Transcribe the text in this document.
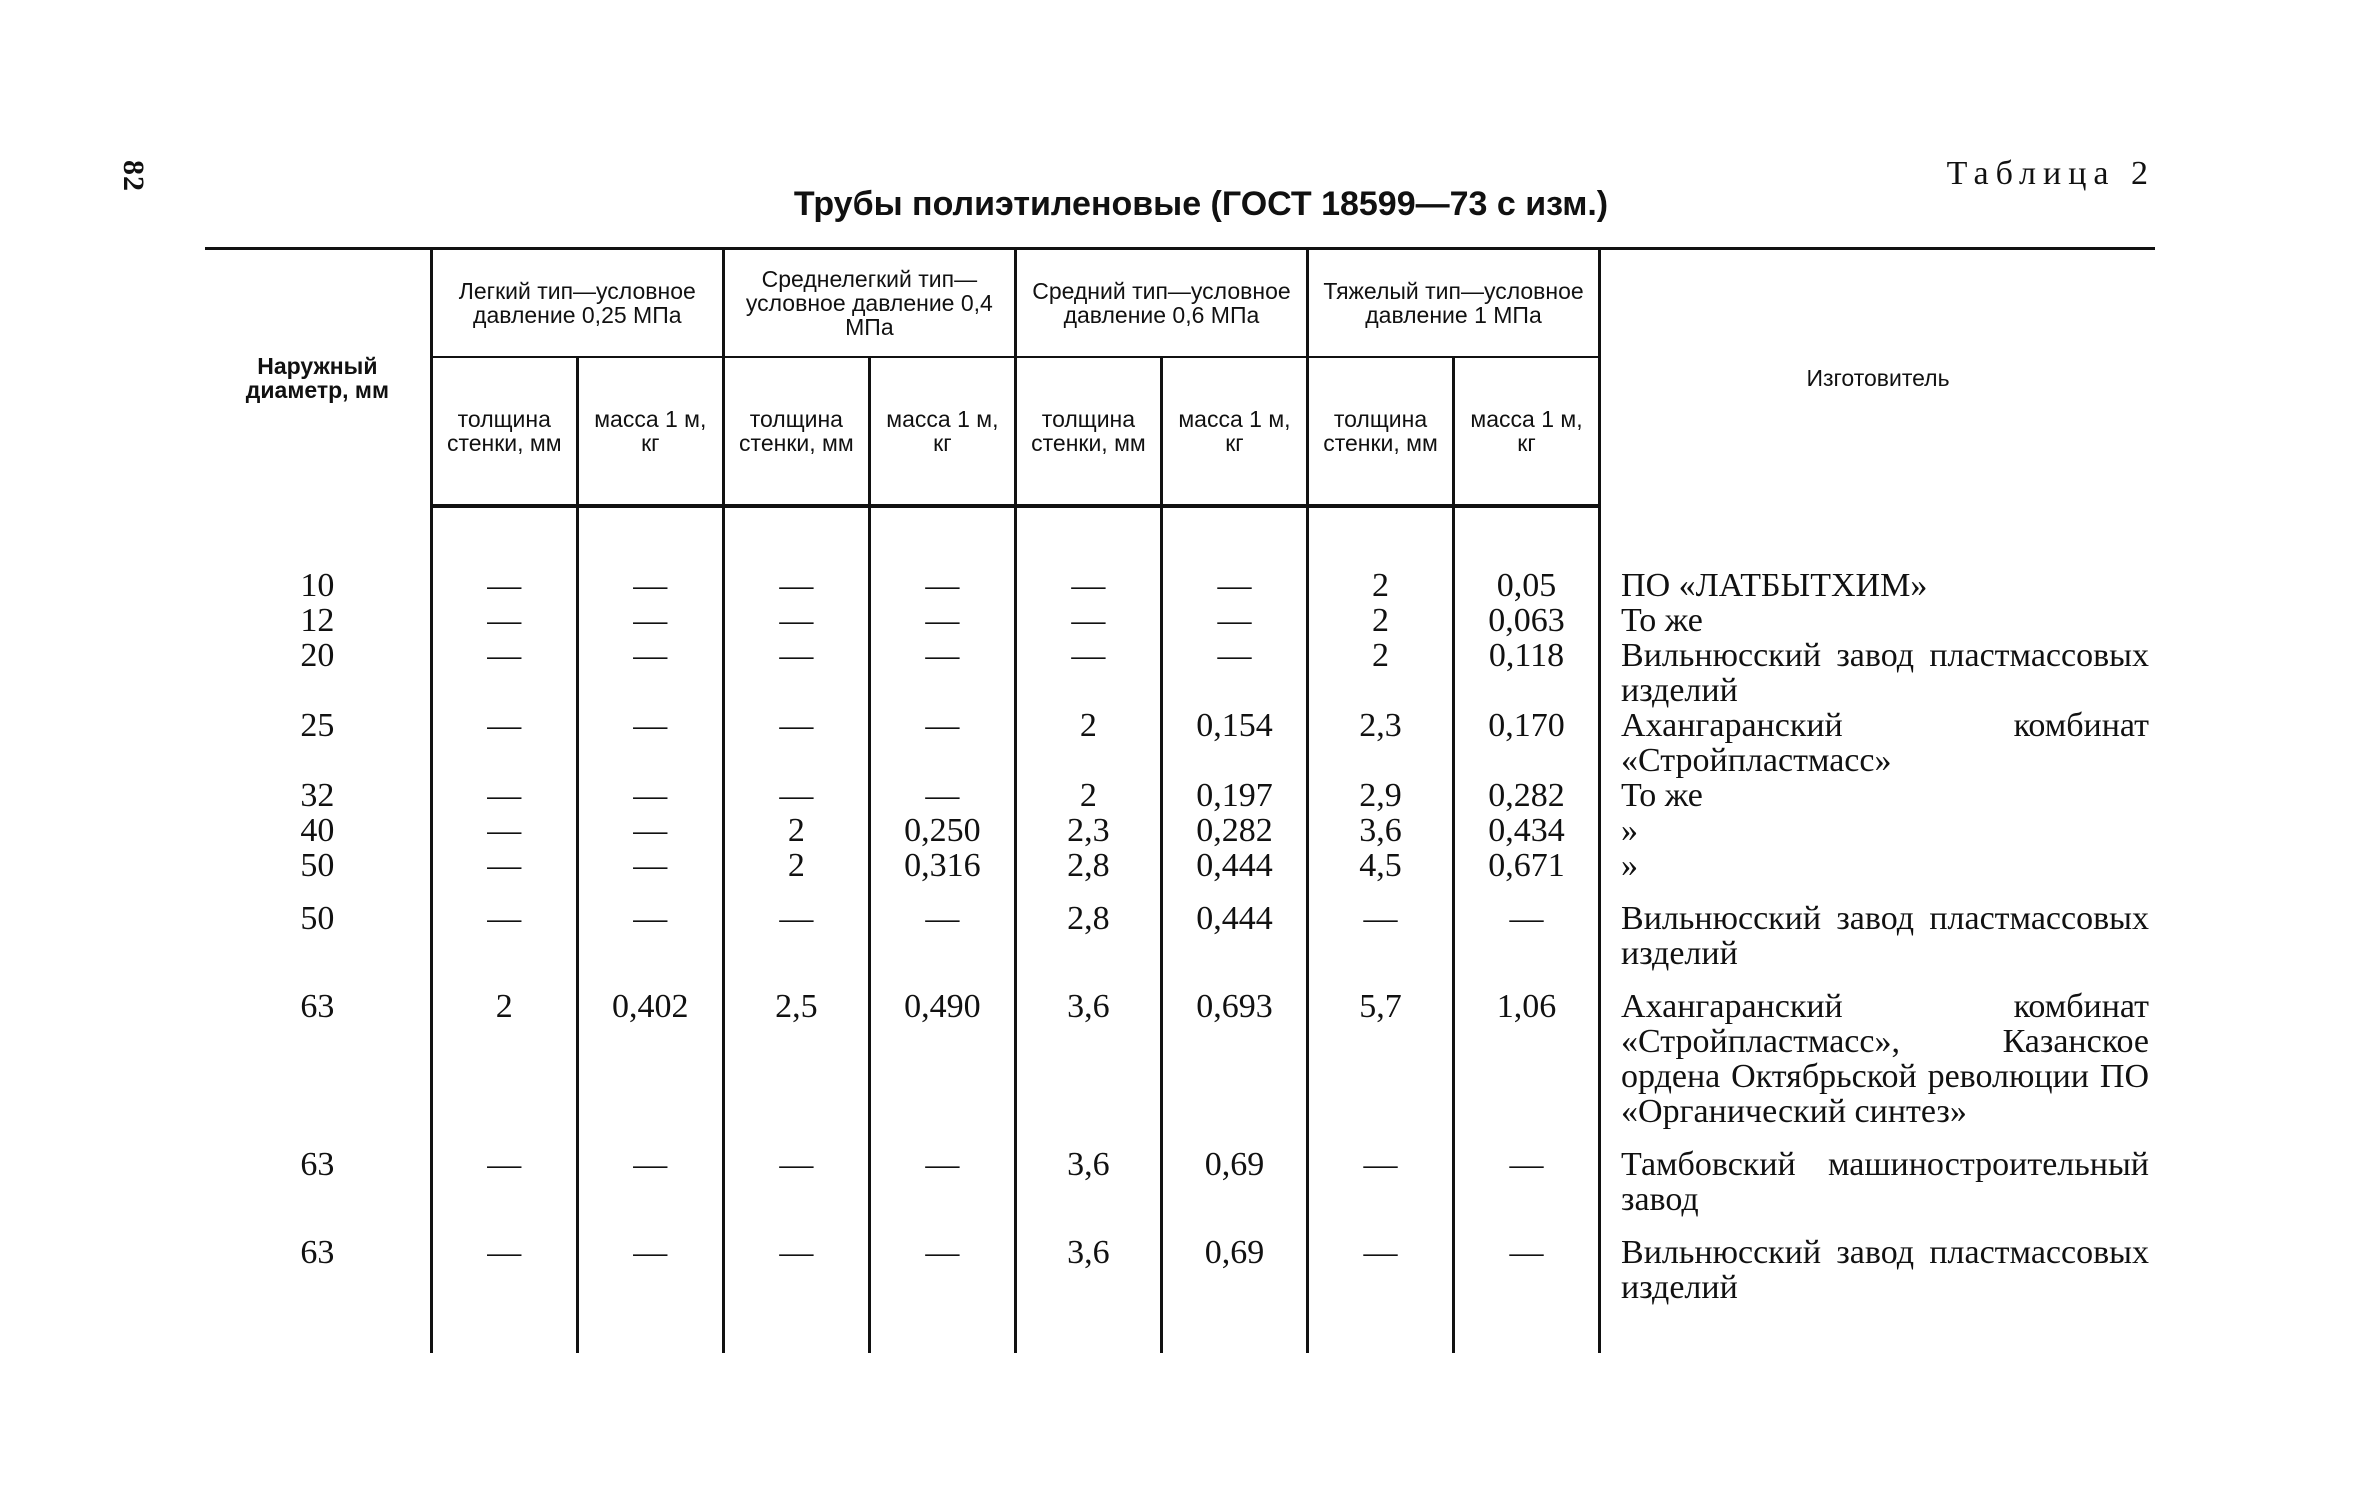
82	Таблица 2
Трубы полиэтиленовые (ГОСТ 18599—73 с изм.)
Наружный диаметр, мм	Легкий тип—условное давление 0,25 МПа		Среднелегкий тип—условное давление 0,4 МПа		Средний тип—условное давление 0,6 МПа		Тяжелый тип—условное давление 1 МПа		Изготовитель
	толщина стенки, мм	масса 1 м, кг	толщина стенки, мм	масса 1 м, кг	толщина стенки, мм	масса 1 м, кг	толщина стенки, мм	масса 1 м, кг	

10	—	—	—	—	—	—	2	0,05	ПО «ЛАТБЫТХИМ»
12	—	—	—	—	—	—	2	0,063	То же
20	—	—	—	—	—	—	2	0,118	Вильнюсский завод пластмассовых изделий
25	—	—	—	—	2	0,154	2,3	0,170	Ахангаранский комбинат «Стройпластмасс»
32	—	—	—	—	2	0,197	2,9	0,282	То же
40	—	—	2	0,250	2,3	0,282	3,6	0,434	»
50	—	—	2	0,316	2,8	0,444	4,5	0,671	»
50	—	—	—	—	2,8	0,444	—	—	Вильнюсский завод пластмассовых изделий
63	2	0,402	2,5	0,490	3,6	0,693	5,7	1,06	Ахангаранский комбинат «Стройпластмасс», Казанское ордена Октябрьской революции ПО «Органический синтез»
63	—	—	—	—	3,6	0,69	—	—	Тамбовский машиностроительный завод
63	—	—	—	—	3,6	0,69	—	—	Вильнюсский завод пластмассовых изделий
